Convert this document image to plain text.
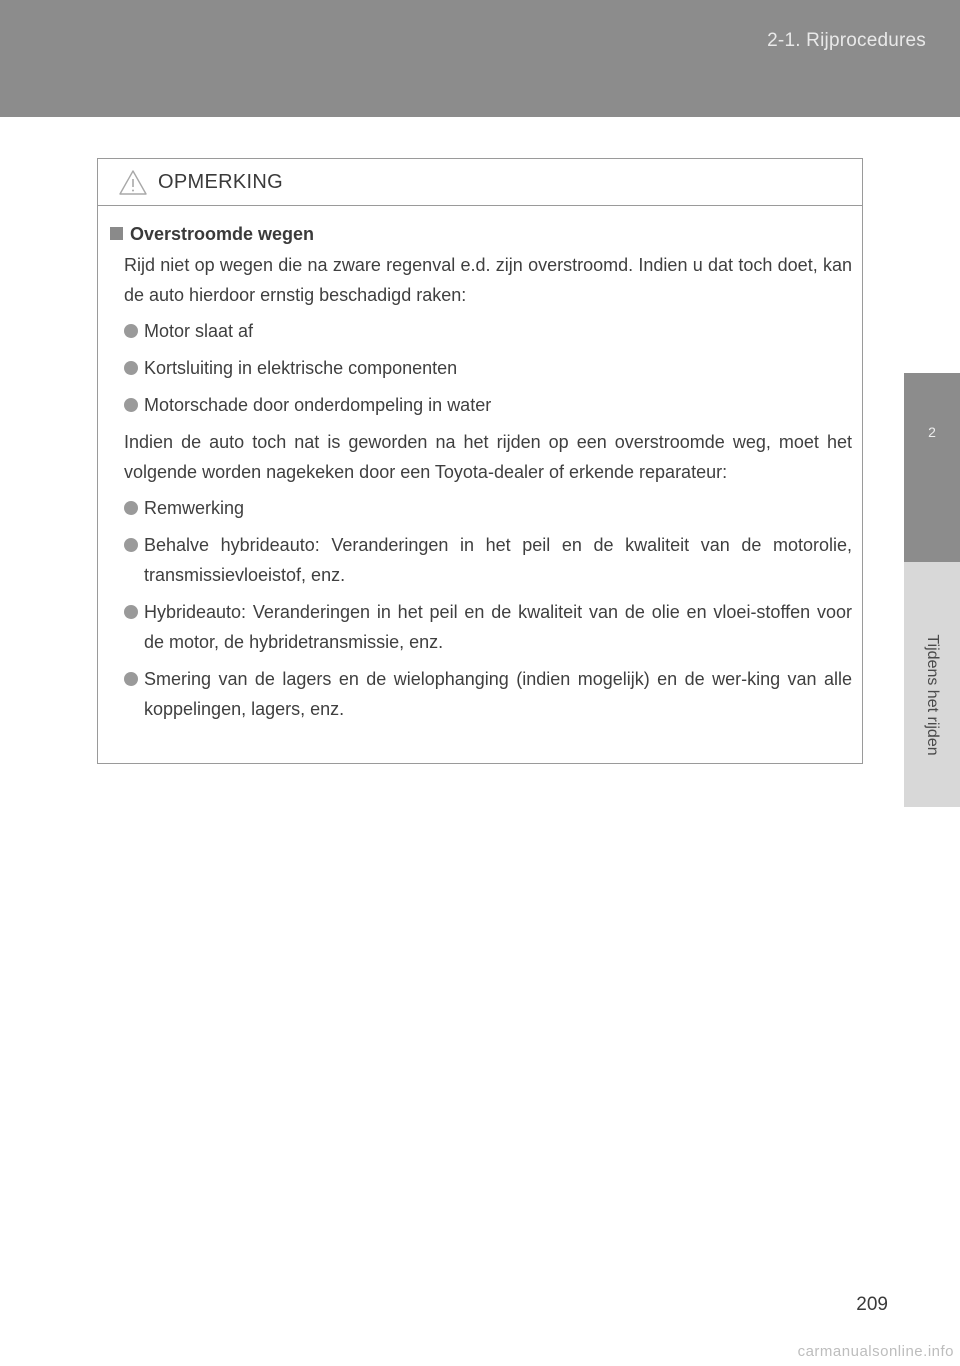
2-1. Rijprocedures
2
Tijdens het rijden
OPMERKING
Overstroomde wegen
Rijd niet op wegen die na zware regenval e.d. zijn overstroomd. Indien u dat toch doet, kan de auto hierdoor ernstig beschadigd raken:
Motor slaat af
Kortsluiting in elektrische componenten
Motorschade door onderdompeling in water
Indien de auto toch nat is geworden na het rijden op een overstroomde weg, moet het volgende worden nagekeken door een Toyota-dealer of erkende reparateur:
Remwerking
Behalve hybrideauto: Veranderingen in het peil en de kwaliteit van de motorolie, transmissievloeistof, enz.
Hybrideauto: Veranderingen in het peil en de kwaliteit van de olie en vloei-stoffen voor de motor, de hybridetransmissie, enz.
Smering van de lagers en de wielophanging (indien mogelijk) en de wer-king van alle koppelingen, lagers, enz.
209
carmanualsonline.info
